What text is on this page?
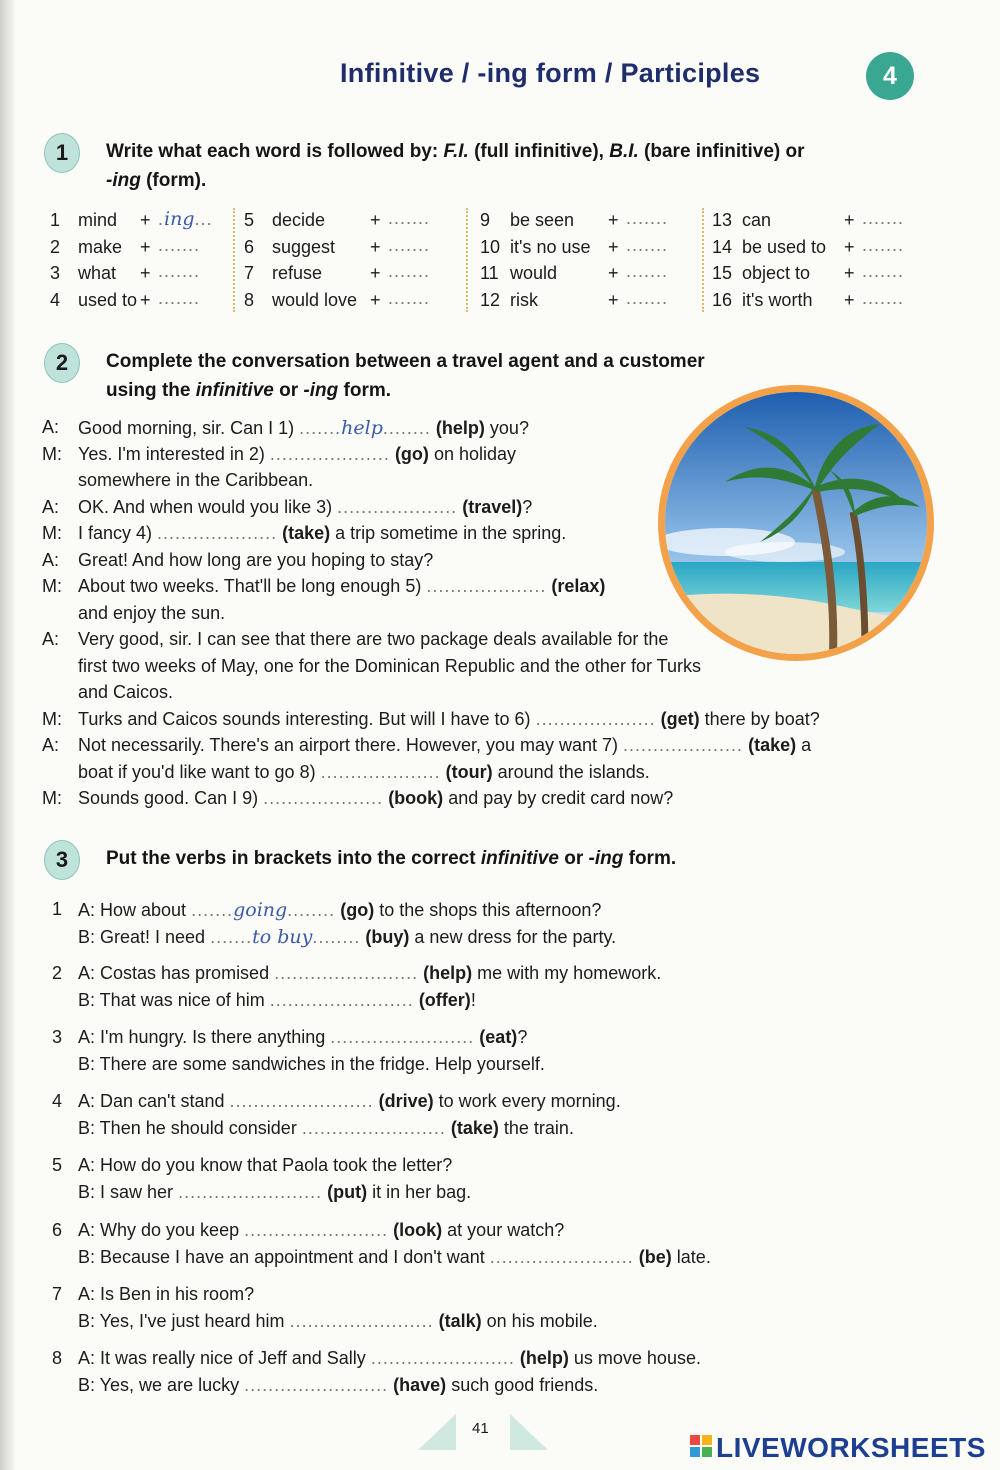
Infinitive / -ing form / Participles	4
1	Write what each word is followed by: F.I. (full infinitive), B.I. (bare infinitive) or
-ing (form).
1 mind + .ing...
2 make + .......
3 what + .......
4 used to + .......
5 decide + .......
6 suggest + .......
7 refuse	+ .......
8 would love + .......
9 be seen + .......
10 it's no use + .......
11 would	+ .......
12 risk	+ .......
13 can	+ .......
14 be used to + .......
15 object to + .......
16 it's worth + .......
2	Complete the conversation between a travel agent and a customer
using the infinitive or -ing form.
A: Good morning, sir. Can I 1) .......help........ (help) you?
M: Yes. I'm interested in 2) .................... (go) on holiday
somewhere in the Caribbean.
A: OK. And when would you like 3) .................... (travel)?
M: I fancy 4) .................... (take) a trip sometime in the spring.
A: Great! And how long are you hoping to stay?
M: About two weeks. That'll be long enough 5) .................... (relax)
and enjoy the sun.
A: Very good, sir. I can see that there are two package deals available for the
first two weeks of May, one for the Dominican Republic and the other for Turks
and Caicos.
M: Turks and Caicos sounds interesting. But will I have to 6) .................... (get) there by boat?
A: Not necessarily. There's an airport there. However, you may want 7) .................... (take) a
boat if you'd like want to go 8) .................... (tour) around the islands.
M: Sounds good. Can I 9) .................... (book) and pay by credit card now?
3	Put the verbs in brackets into the correct infinitive or -ing form.
1 A: How about .......going........ (go) to the shops this afternoon?
B: Great! I need .......to buy........ (buy) a new dress for the party.
2 A: Costas has promised ........................ (help) me with my homework.
B: That was nice of him ........................ (offer)!
3 A: I'm hungry. Is there anything ........................ (eat)?
B: There are some sandwiches in the fridge. Help yourself.
4 A: Dan can't stand ........................ (drive) to work every morning.
B: Then he should consider ........................ (take) the train.
5 A: How do you know that Paola took the letter?
B: I saw her ........................ (put) it in her bag.
6 A: Why do you keep ........................ (look) at your watch?
B: Because I have an appointment and I don't want ........................ (be) late.
7 A: Is Ben in his room?
B: Yes, I've just heard him ........................ (talk) on his mobile.
8 A: It was really nice of Jeff and Sally ........................ (help) us move house.
B: Yes, we are lucky ........................ (have) such good friends.
41
LIVEWORKSHEETS
